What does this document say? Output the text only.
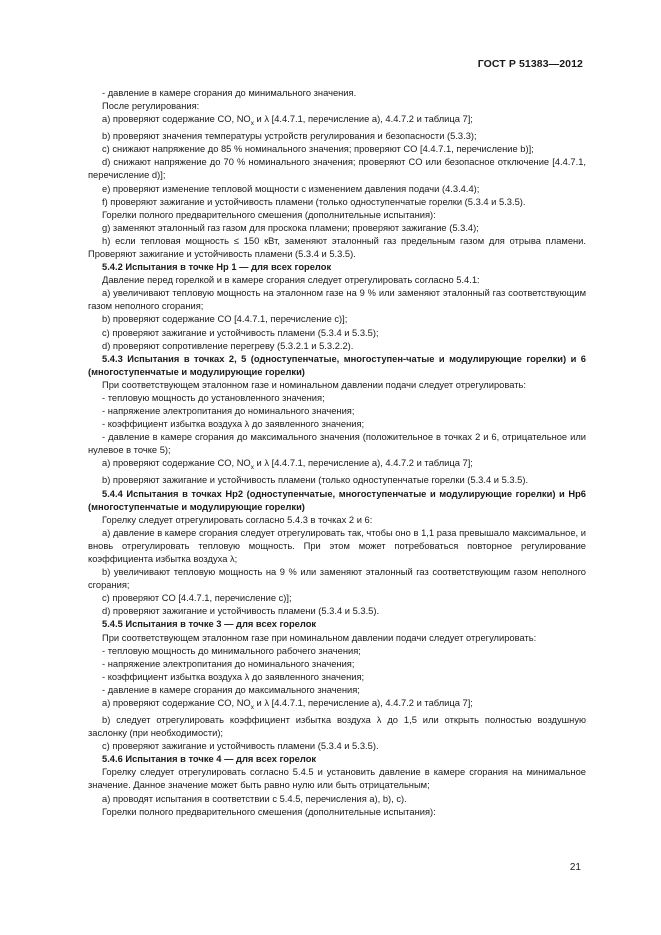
ГОСТ Р 51383—2012

- давление в камере сгорания до минимального значения.

После регулирования:

a) проверяют содержание CO, $NO_x$ и λ [4.4.7.1, перечисление a), 4.4.7.2 и таблица 7];

b) проверяют значения температуры устройств регулирования и безопасности (5.3.3);

c) снижают напряжение до 85 % номинального значения; проверяют CO [4.4.7.1, перечисление b)];

d) снижают напряжение до 70 % номинального значения; проверяют CO или безопасное отключение [4.4.7.1, перечисление d)];

e) проверяют изменение тепловой мощности с изменением давления подачи (4.3.4.4);

f) проверяют зажигание и устойчивость пламени (только одноступенчатые горелки (5.3.4 и 5.3.5).

Горелки полного предварительного смешения (дополнительные испытания):

g) заменяют эталонный газ газом для проскока пламени; проверяют зажигание (5.3.4);

h) если тепловая мощность ≤ 150 кВт, заменяют эталонный газ предельным газом для отрыва пламени. Проверяют зажигание и устойчивость пламени (5.3.4 и 5.3.5).

5.4.2 Испытания в точке Hp 1 — для всех горелок

Давление перед горелкой и в камере сгорания следует отрегулировать согласно 5.4.1:

a) увеличивают тепловую мощность на эталонном газе на 9 % или заменяют эталонный газ соответствующим газом неполного сгорания;

b) проверяют содержание CO [4.4.7.1, перечисление c)];

c) проверяют зажигание и устойчивость пламени (5.3.4 и 5.3.5);

d) проверяют сопротивление перегреву (5.3.2.1 и 5.3.2.2).

5.4.3 Испытания в точках 2, 5 (одноступенчатые, многоступен-чатые и модулирующие горелки) и 6 (многоступенчатые и модулирующие горелки)

При соответствующем эталонном газе и номинальном давлении подачи следует отрегулировать:

- тепловую мощность до установленного значения;

- напряжение электропитания до номинального значения;

- коэффициент избытка воздуха λ до заявленного значения;

- давление в камере сгорания до максимального значения (положительное в точках 2 и 6, отрицательное или нулевое в точке 5);

a) проверяют содержание CO, $NO_x$ и λ [4.4.7.1, перечисление a), 4.4.7.2 и таблица 7];

b) проверяют зажигание и устойчивость пламени (только одноступенчатые горелки (5.3.4 и 5.3.5).

5.4.4 Испытания в точках Hp2 (одноступенчатые, многоступенчатые и модулирующие горелки) и Hp6 (многоступенчатые и модулирующие горелки)

Горелку следует отрегулировать согласно 5.4.3 в точках 2 и 6:

a) давление в камере сгорания следует отрегулировать так, чтобы оно в 1,1 раза превышало максимальное, и вновь отрегулировать тепловую мощность. При этом может потребоваться повторное регулирование коэффициента избытка воздуха λ;

b) увеличивают тепловую мощность на 9 % или заменяют эталонный газ соответствующим газом неполного сгорания;

c) проверяют CO [4.4.7.1, перечисление c)];

d) проверяют зажигание и устойчивость пламени (5.3.4 и 5.3.5).

5.4.5 Испытания в точке 3 — для всех горелок

При соответствующем эталонном газе при номинальном давлении подачи следует отрегулировать:

- тепловую мощность до минимального рабочего значения;

- напряжение электропитания до номинального значения;

- коэффициент избытка воздуха λ до заявленного значения;

- давление в камере сгорания до максимального значения;

a) проверяют содержание CO, $NO_x$ и λ [4.4.7.1, перечисление a), 4.4.7.2 и таблица 7];

b) следует отрегулировать коэффициент избытка воздуха λ до 1,5 или открыть полностью воздушную заслонку (при необходимости);

c) проверяют зажигание и устойчивость пламени (5.3.4 и 5.3.5).

5.4.6 Испытания в точке 4 — для всех горелок

Горелку следует отрегулировать согласно 5.4.5 и установить давление в камере сгорания на минимальное значение. Данное значение может быть равно нулю или быть отрицательным;

a) проводят испытания в соответствии с 5.4.5, перечисления a), b), c).

Горелки полного предварительного смешения (дополнительные испытания):

21
